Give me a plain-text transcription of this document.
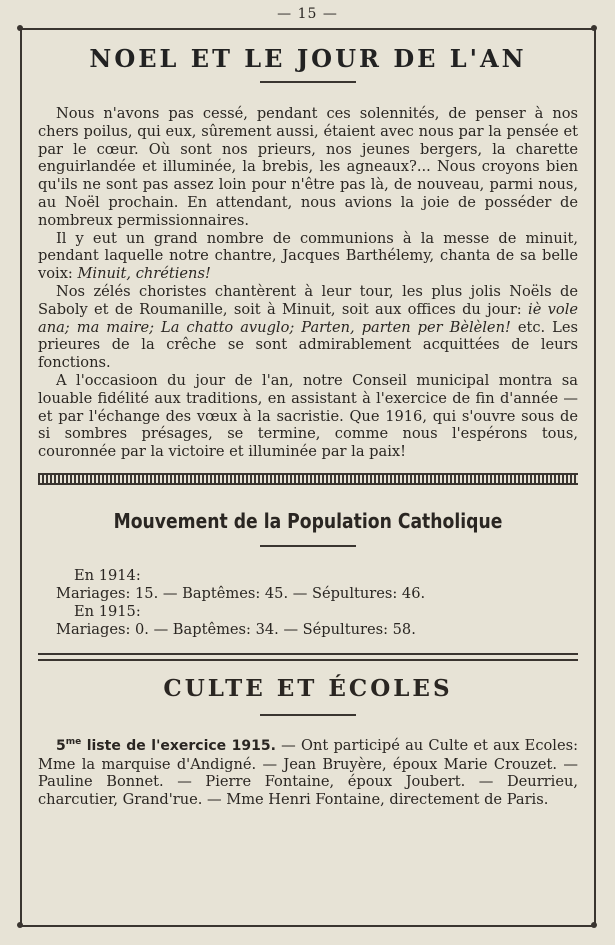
— 15 —
NOEL ET LE JOUR DE L'AN

Nous n'avons pas cessé, pendant ces solennités, de penser à nos chers poilus, qui eux, sûrement aussi, étaient avec nous par la pensée et par le cœur. Où sont nos prieurs, nos jeunes bergers, la charette enguirlandée et illuminée, la brebis, les agneaux?... Nous croyons bien qu'ils ne sont pas assez loin pour n'être pas là, de nouveau, parmi nous, au Noël prochain. En attendant, nous avions la joie de posséder de nombreux permissionnaires.

Il y eut un grand nombre de communions à la messe de minuit, pendant laquelle notre chantre, Jacques Barthélemy, chanta de sa belle voix: Minuit, chrétiens!

Nos zélés choristes chantèrent à leur tour, les plus jolis Noëls de Saboly et de Roumanille, soit à Minuit, soit aux offices du jour: iè vole ana; ma maire; La chatto avuglo; Parten, parten per Bèlèlen! etc. Les prieures de la crêche se sont admirablement acquittées de leurs fonctions.

A l'occasioon du jour de l'an, notre Conseil municipal montra sa louable fidélité aux traditions, en assistant à l'exercice de fin d'année — et par l'échange des vœux à la sacristie. Que 1916, qui s'ouvre sous de si sombres présages, se termine, comme nous l'espérons tous, couronnée par la victoire et illuminée par la paix!

Mouvement de la Population Catholique

En 1914:

Mariages: 15. — Baptêmes: 45. — Sépultures: 46.

En 1915:

Mariages: 0. — Baptêmes: 34. — Sépultures: 58.

CULTE ET ÉCOLES

$5^{me}$ liste de l'exercice 1915. — Ont participé au Culte et aux Ecoles: Mme la marquise d'Andigné. — Jean Bruyère, époux Marie Crouzet. — Pauline Bonnet. — Pierre Fontaine, époux Joubert. — Deurrieu, charcutier, Grand'rue. — Mme Henri Fontaine, directement de Paris.
